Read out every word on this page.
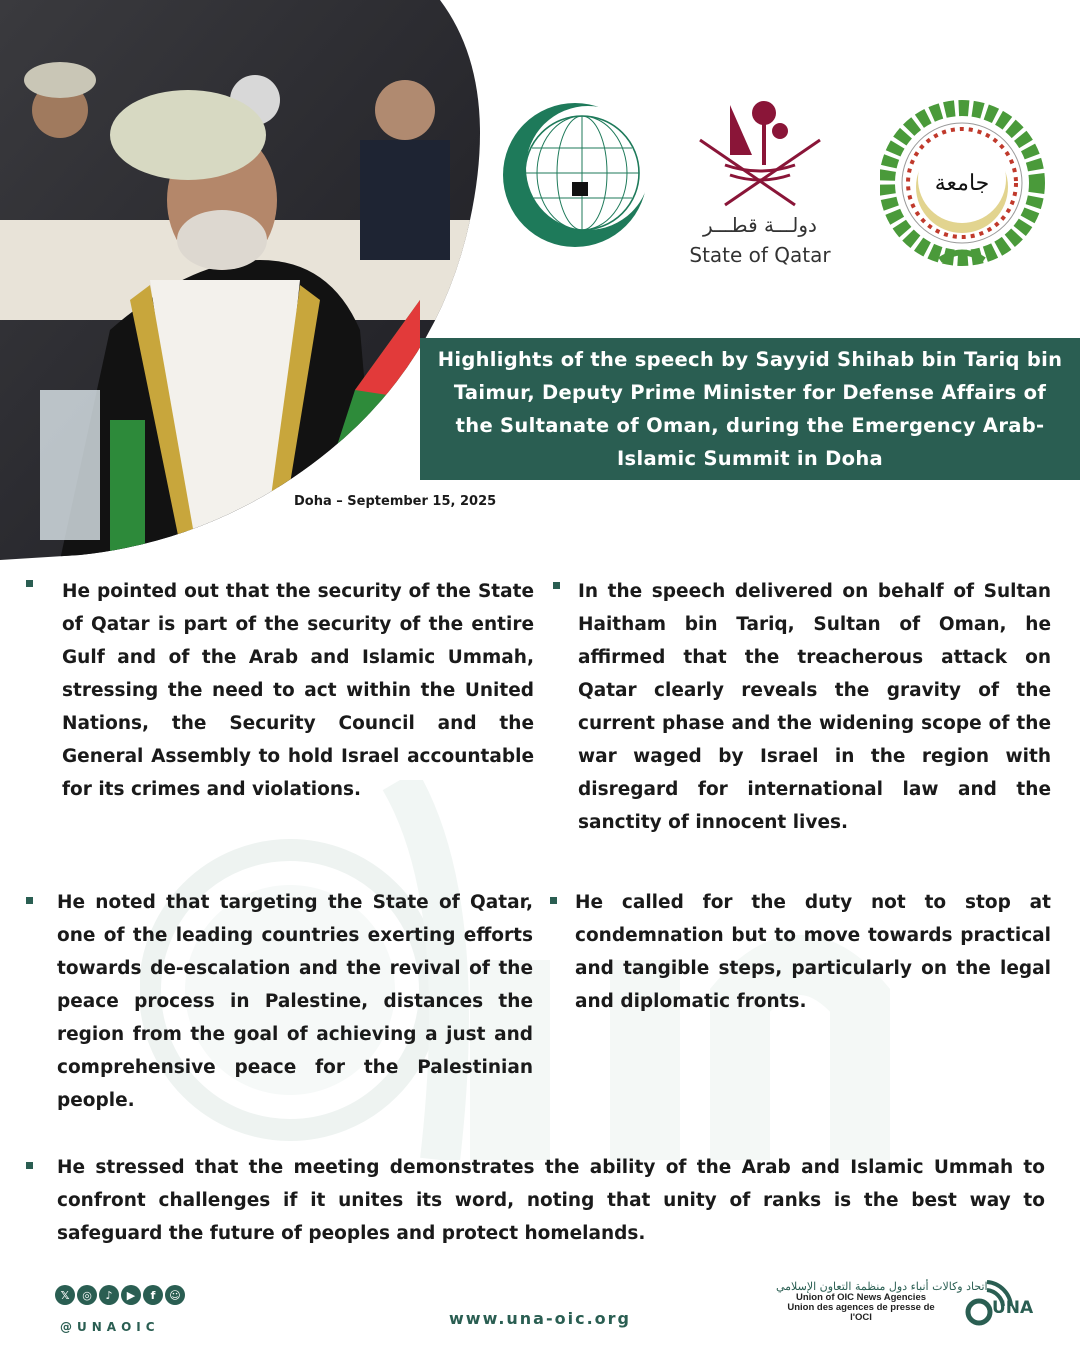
دولـــة قطـــر
State of Qatar
جامعة
Highlights of the speech by Sayyid Shihab bin Tariq bin Taimur, Deputy Prime Minister for Defense Affairs of the Sultanate of Oman, during the Emergency Arab-Islamic Summit in Doha
Doha – September 15, 2025
He pointed out that the security of the State of Qatar is part of the security of the entire Gulf and of the Arab and Islamic Ummah, stressing the need to act within the United Nations, the Security Council and the General Assembly to hold Israel accountable for its crimes and violations.
In the speech delivered on behalf of Sultan Haitham bin Tariq, Sultan of Oman, he affirmed that the treacherous attack on Qatar clearly reveals the gravity of the current phase and the widening scope of the war waged by Israel in the region with disregard for international law and the sanctity of innocent lives.
He noted that targeting the State of Qatar, one of the leading countries exerting efforts towards de-escalation and the revival of the peace process in Palestine, distances the region from the goal of achieving a just and comprehensive peace for the Palestinian people.
He called for the duty not to stop at condemnation but to move towards practical and tangible steps, particularly on the legal and diplomatic fronts.
He stressed that the meeting demonstrates the ability of the Arab and Islamic Ummah to confront challenges if it unites its word, noting that unity of ranks is the best way to safeguard the future of peoples and protect homelands.
𝕏	◎	♪	▶	f	☺
@UNAOIC	www.una-oic.org
اتحاد وكالات أنباء دول منظمة التعاون الإسلامي
Union of OIC News Agencies
Union des agences de presse de l'OCI	UNA
